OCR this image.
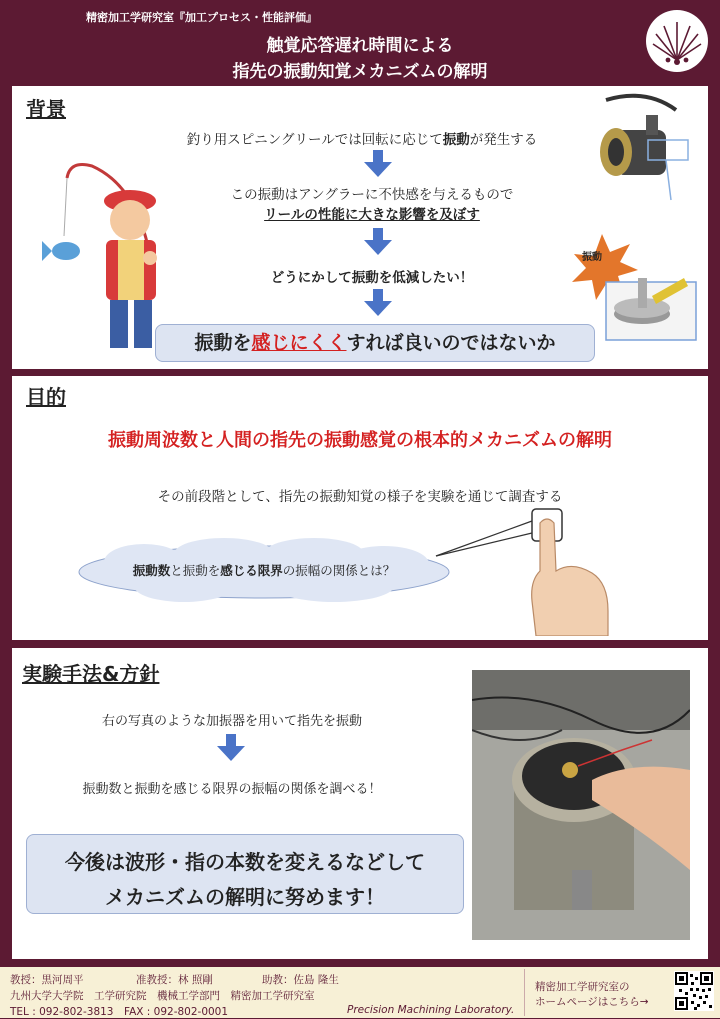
精密加工学研究室『加工プロセス・性能評価』
触覚応答遅れ時間による
指先の振動知覚メカニズムの解明
背景
釣り用スピニングリールでは回転に応じて振動が発生する
この振動はアングラーに不快感を与えるもので
リールの性能に大きな影響を及ぼす
どうにかして振動を低減したい！
振動を感じにくくすれば良いのではないか
振動
目的
振動周波数と人間の指先の振動感覚の根本的メカニズムの解明
その前段階として、指先の振動知覚の様子を実験を通じて調査する
振動数と振動を感じる限界の振幅の関係とは？
実験手法&方針
右の写真のような加振器を用いて指先を振動
振動数と振動を感じる限界の振幅の関係を調べる！
今後は波形・指の本数を変えるなどして
メカニズムの解明に努めます！
教授：黒河周平	准教授：林 照剛	助教：佐島 隆生
九州大学大学院　工学研究院　機械工学部門　精密加工学研究室
TEL : 092-802-3813　FAX : 092-802-0001	Precision Machining Laboratory.
精密加工学研究室の
ホームページはこちら→
